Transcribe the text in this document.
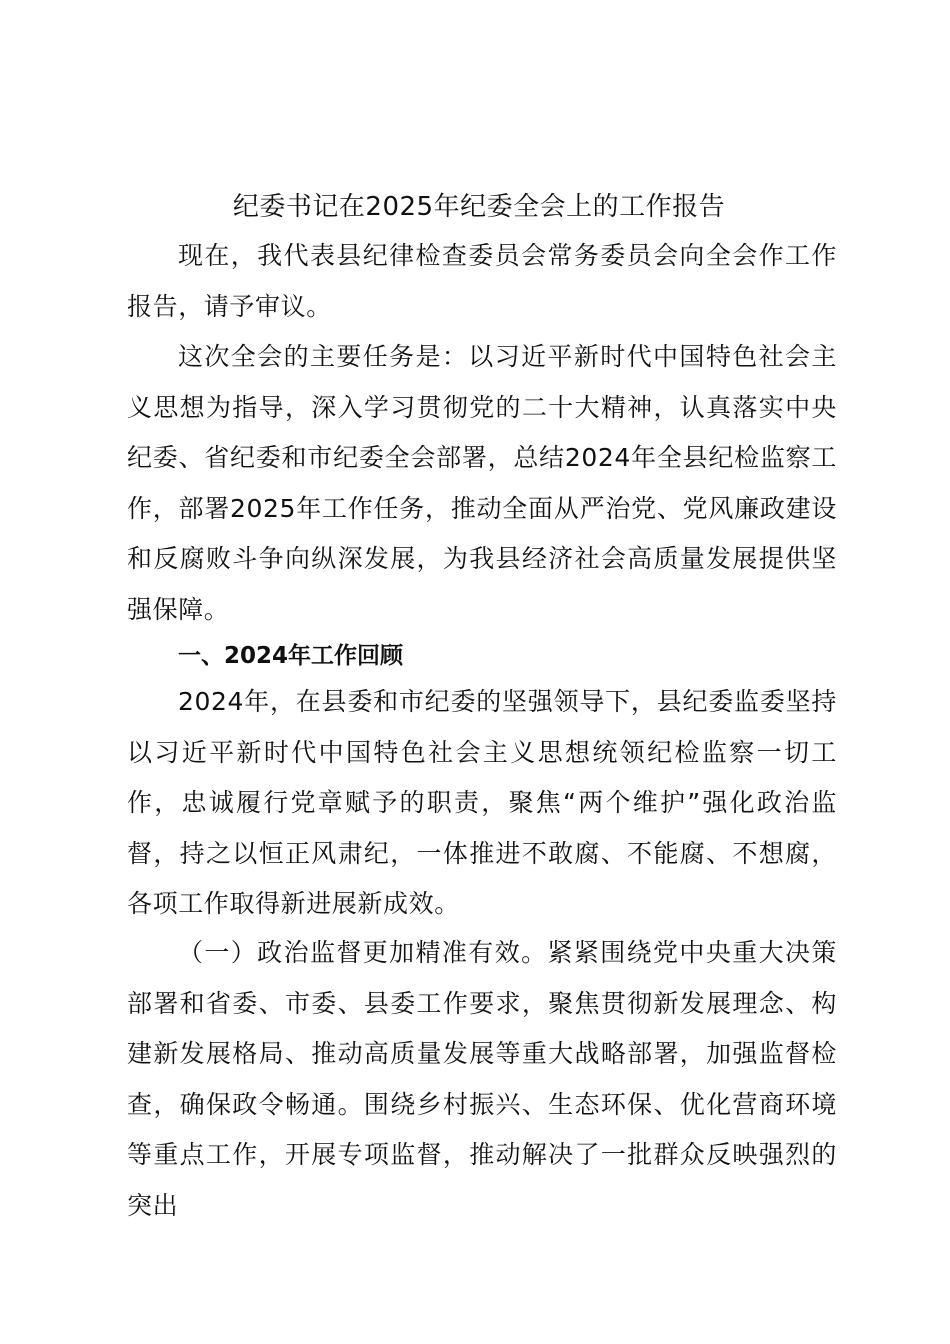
纪委书记在2025年纪委全会上的工作报告

现在，我代表县纪律检查委员会常务委员会向全会作工作报告，请予审议。

这次全会的主要任务是：以习近平新时代中国特色社会主义思想为指导，深入学习贯彻党的二十大精神，认真落实中央纪委、省纪委和市纪委全会部署，总结2024年全县纪检监察工作，部署2025年工作任务，推动全面从严治党、党风廉政建设和反腐败斗争向纵深发展，为我县经济社会高质量发展提供坚强保障。

一、2024年工作回顾

2024年，在县委和市纪委的坚强领导下，县纪委监委坚持以习近平新时代中国特色社会主义思想统领纪检监察一切工作，忠诚履行党章赋予的职责，聚焦“两个维护”强化政治监督，持之以恒正风肃纪，一体推进不敢腐、不能腐、不想腐，各项工作取得新进展新成效。

（一）政治监督更加精准有效。紧紧围绕党中央重大决策部署和省委、市委、县委工作要求，聚焦贯彻新发展理念、构建新发展格局、推动高质量发展等重大战略部署，加强监督检查，确保政令畅通。围绕乡村振兴、生态环保、优化营商环境等重点工作，开展专项监督，推动解决了一批群众反映强烈的突出
